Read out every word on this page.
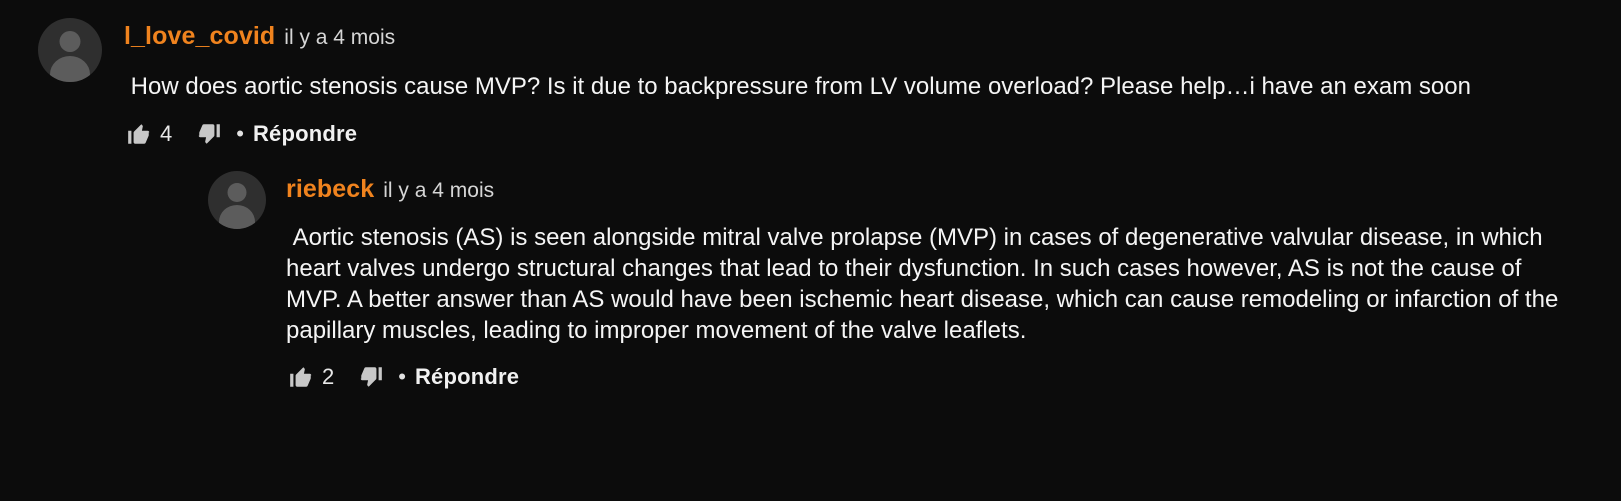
l_love_covid il y a 4 mois
How does aortic stenosis cause MVP? Is it due to backpressure from LV volume overload? Please help…i have an exam soon
4	• Répondre
riebeck il y a 4 mois
Aortic stenosis (AS) is seen alongside mitral valve prolapse (MVP) in cases of degenerative valvular disease, in which heart valves undergo structural changes that lead to their dysfunction. In such cases however, AS is not the cause of MVP. A better answer than AS would have been ischemic heart disease, which can cause remodeling or infarction of the papillary muscles, leading to improper movement of the valve leaflets.
2	• Répondre
